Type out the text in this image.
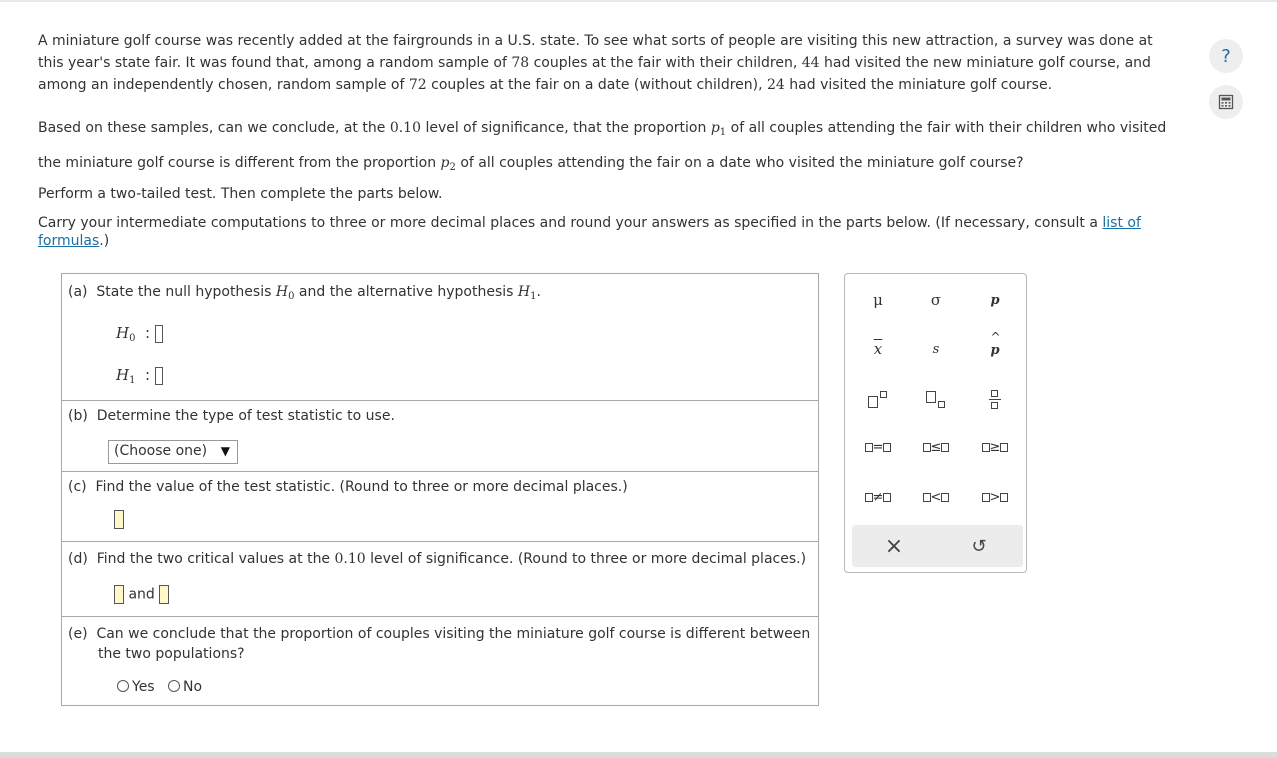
A miniature golf course was recently added at the fairgrounds in a U.S. state. To see what sorts of people are visiting this new attraction, a survey was done at this year's state fair. It was found that, among a random sample of 78 couples at the fair with their children, 44 had visited the new miniature golf course, and among an independently chosen, random sample of 72 couples at the fair on a date (without children), 24 had visited the miniature golf course.

Based on these samples, can we conclude, at the 0.10 level of significance, that the proportion $p_1$ of all couples attending the fair with their children who visited the miniature golf course is different from the proportion $p_2$ of all couples attending the fair on a date who visited the miniature golf course?

Perform a two-tailed test. Then complete the parts below.

Carry your intermediate computations to three or more decimal places and round your answers as specified in the parts below. (If necessary, consult a list of formulas.)

?
(a) State the null hypothesis $H_0$ and the alternative hypothesis $H_1$.
$H_0$ :
$H_1$ :
(b) Determine the type of test statistic to use.
(Choose one) ▼
(c) Find the value of the test statistic. (Round to three or more decimal places.)
(d) Find the two critical values at the 0.10 level of significance. (Round to three or more decimal places.)
and
(e) Can we conclude that the proportion of couples visiting the miniature golf course is different between
the two populations?
Yes No
μ	σ	p
$\overline{x}$	s
^
p
=	≤	≥
≠	<	>
×	↺
